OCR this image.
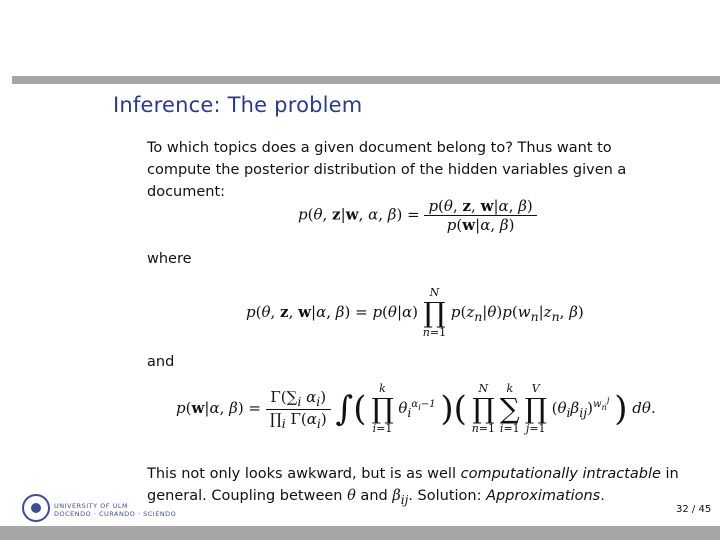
Inference: The problem
To which topics does a given document belong to? Thus want to
compute the posterior distribution of the hidden variables given a
document:
p(θ, z|w, α, $\beta) = \frac{p(\theta, z, w|\alpha, \beta)}{p(w|\alpha, \beta)}$
where
p(θ, z, w|α, β) = p(θ|α) N
∏
n=1 $p(z_n|\theta)p(w_n|z_n$, β)
and
p(w|α, $\beta) = \frac{\Gamma(\sum_i \alpha_i)}{\prod_i \Gamma(\alpha_i)}$ ∫( k
∏
i=1 $\theta_i^{\alpha_i-1}$ )( N
∏
n=1 k
∑
i=1 V
∏
j=1 $(\theta_i\beta_{ij})^{w_n^j}$ ) dθ.
This not only looks awkward, but is as well computationally intractable in
general. Coupling between θ and $\beta_{ij}$. Solution: Approximations.
UNIVERSITY OF ULM
DOCENDO · CURANDO · SCIENDO	32 / 45
